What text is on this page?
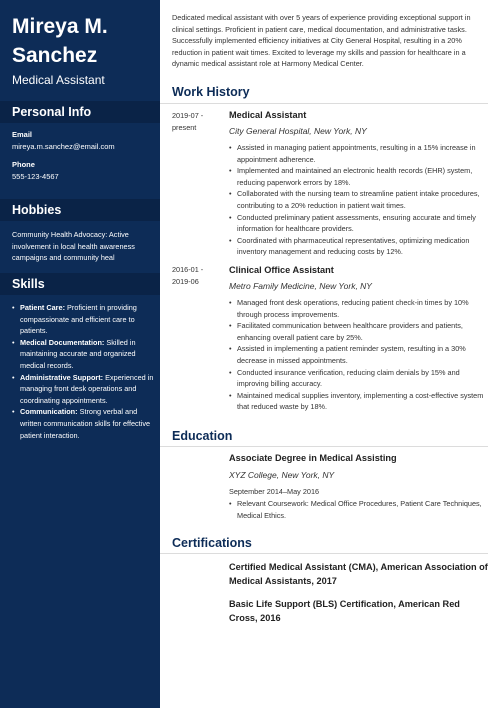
Mireya M.
Sanchez
Medical Assistant
Personal Info
Email
mireya.m.sanchez@email.com
Phone
555-123-4567
Hobbies
Community Health Advocacy: Active involvement in local health awareness campaigns and community heal
Skills
• Patient Care: Proficient in providing compassionate and efficient care to patients.
• Medical Documentation: Skilled in maintaining accurate and organized medical records.
• Administrative Support: Experienced in managing front desk operations and coordinating appointments.
• Communication: Strong verbal and written communication skills for effective patient interaction.
Dedicated medical assistant with over 5 years of experience providing exceptional support in clinical settings. Proficient in patient care, medical documentation, and administrative tasks. Successfully implemented efficiency initiatives at City General Hospital, resulting in a 20% reduction in patient wait times. Excited to leverage my skills and passion for healthcare in a dynamic medical assistant role at Harmony Medical Center.
Work History
2019-07 - present
Medical Assistant
City General Hospital, New York, NY
• Assisted in managing patient appointments, resulting in a 15% increase in appointment adherence.
• Implemented and maintained an electronic health records (EHR) system, reducing paperwork errors by 18%.
• Collaborated with the nursing team to streamline patient intake procedures, contributing to a 20% reduction in patient wait times.
• Conducted preliminary patient assessments, ensuring accurate and timely information for healthcare providers.
• Coordinated with pharmaceutical representatives, optimizing medication inventory management and reducing costs by 12%.
2016-01 - 2019-06
Clinical Office Assistant
Metro Family Medicine, New York, NY
• Managed front desk operations, reducing patient check-in times by 10% through process improvements.
• Facilitated communication between healthcare providers and patients, enhancing overall patient care by 25%.
• Assisted in implementing a patient reminder system, resulting in a 30% decrease in missed appointments.
• Conducted insurance verification, reducing claim denials by 15% and improving billing accuracy.
• Maintained medical supplies inventory, implementing a cost-effective system that reduced waste by 18%.
Education
Associate Degree in Medical Assisting
XYZ College, New York, NY
September 2014–May 2016
• Relevant Coursework: Medical Office Procedures, Patient Care Techniques, Medical Ethics.
Certifications
Certified Medical Assistant (CMA), American Association of Medical Assistants, 2017
Basic Life Support (BLS) Certification, American Red Cross, 2016
